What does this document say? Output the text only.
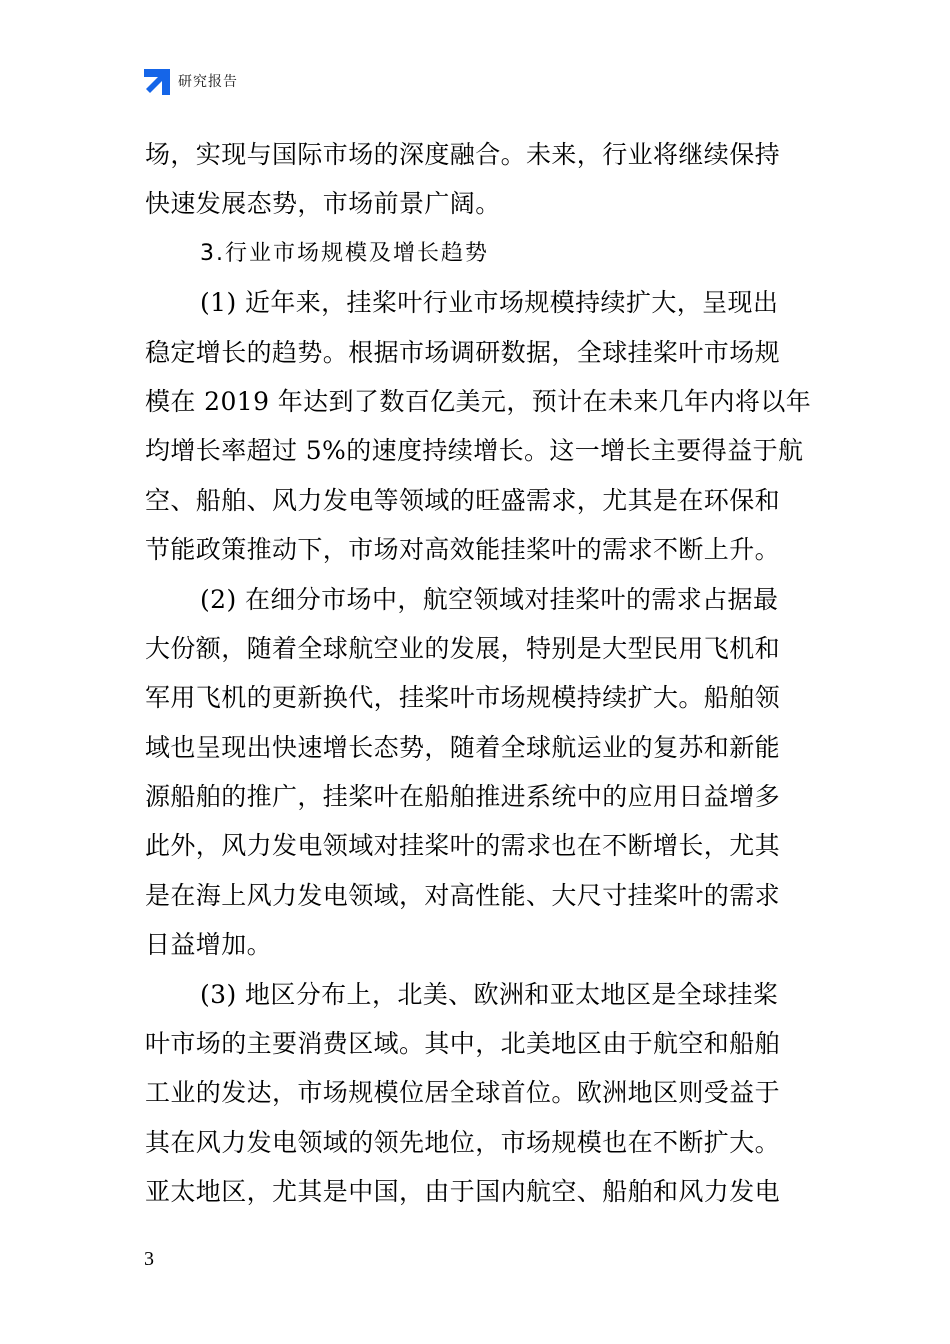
研究报告
场，实现与国际市场的深度融合。未来，行业将继续保持
快速发展态势，市场前景广阔。
3.行业市场规模及增长趋势
(1) 近年来，挂桨叶行业市场规模持续扩大，呈现出
稳定增长的趋势。根据市场调研数据，全球挂桨叶市场规
模在 2019 年达到了数百亿美元，预计在未来几年内将以年
均增长率超过 5%的速度持续增长。这一增长主要得益于航
空、船舶、风力发电等领域的旺盛需求，尤其是在环保和
节能政策推动下，市场对高效能挂桨叶的需求不断上升。
(2) 在细分市场中，航空领域对挂桨叶的需求占据最
大份额，随着全球航空业的发展，特别是大型民用飞机和
军用飞机的更新换代，挂桨叶市场规模持续扩大。船舶领
域也呈现出快速增长态势，随着全球航运业的复苏和新能
源船舶的推广，挂桨叶在船舶推进系统中的应用日益增多
此外，风力发电领域对挂桨叶的需求也在不断增长，尤其
是在海上风力发电领域，对高性能、大尺寸挂桨叶的需求
日益增加。
(3) 地区分布上，北美、欧洲和亚太地区是全球挂桨
叶市场的主要消费区域。其中，北美地区由于航空和船舶
工业的发达，市场规模位居全球首位。欧洲地区则受益于
其在风力发电领域的领先地位，市场规模也在不断扩大。
亚太地区，尤其是中国，由于国内航空、船舶和风力发电
3
